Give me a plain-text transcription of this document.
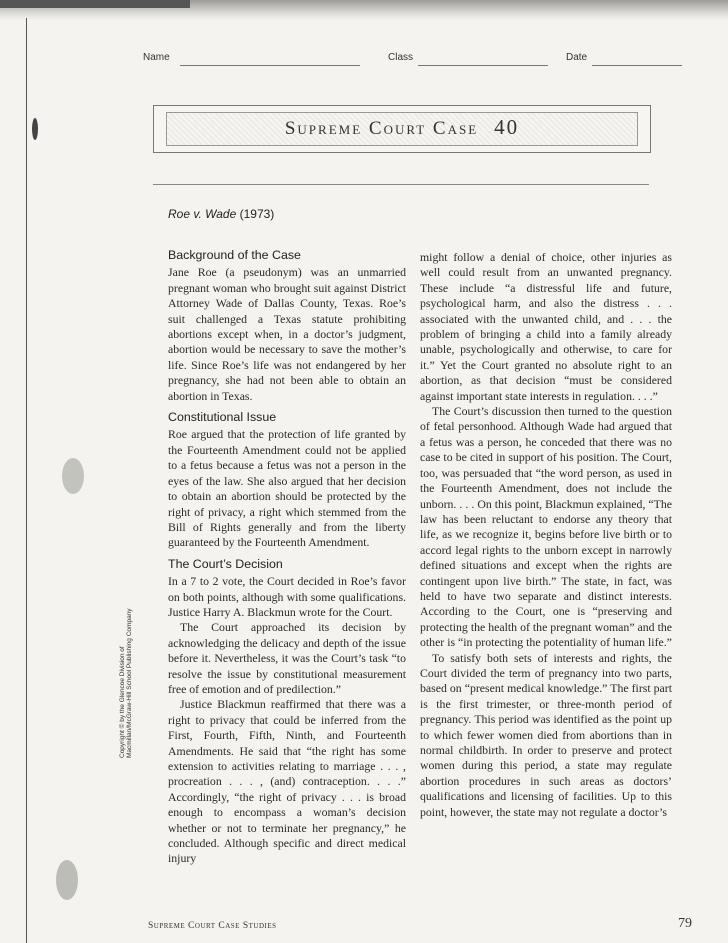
Name	Class	Date
Supreme Court Case 40
Roe v. Wade (1973)
Background of the Case

Jane Roe (a pseudonym) was an unmarried pregnant woman who brought suit against District Attorney Wade of Dallas County, Texas. Roe’s suit challenged a Texas statute prohibiting abortions except when, in a doctor’s judgment, abortion would be necessary to save the mother’s life. Since Roe’s life was not endangered by her pregnancy, she had not been able to obtain an abortion in Texas.

Constitutional Issue

Roe argued that the protection of life granted by the Fourteenth Amendment could not be applied to a fetus because a fetus was not a person in the eyes of the law. She also argued that her decision to obtain an abortion should be protected by the right of privacy, a right which stemmed from the Bill of Rights generally and from the liberty guaranteed by the Fourteenth Amendment.

The Court’s Decision

In a 7 to 2 vote, the Court decided in Roe’s favor on both points, although with some qualifications. Justice Harry A. Blackmun wrote for the Court.

The Court approached its decision by acknowledging the delicacy and depth of the issue before it. Nevertheless, it was the Court’s task “to resolve the issue by constitutional measurement free of emotion and of predilection.”

Justice Blackmun reaffirmed that there was a right to privacy that could be inferred from the First, Fourth, Fifth, Ninth, and Fourteenth Amendments. He said that “the right has some extension to activities relating to marriage . . . , procreation . . . , (and) contraception. . . .” Accordingly, “the right of privacy . . . is broad enough to encompass a woman’s decision whether or not to terminate her pregnancy,” he concluded. Although specific and direct medical injury

might follow a denial of choice, other injuries as well could result from an unwanted pregnancy. These include “a distressful life and future, psychological harm, and also the distress . . . associated with the unwanted child, and . . . the problem of bringing a child into a family already unable, psychologically and otherwise, to care for it.” Yet the Court granted no absolute right to an abortion, as that decision “must be considered against important state interests in regulation. . . .”

The Court’s discussion then turned to the question of fetal personhood. Although Wade had argued that a fetus was a person, he conceded that there was no case to be cited in support of his position. The Court, too, was persuaded that “the word person, as used in the Fourteenth Amendment, does not include the unborn. . . . On this point, Blackmun explained, “The law has been reluctant to endorse any theory that life, as we recognize it, begins before live birth or to accord legal rights to the unborn except in narrowly defined situations and except when the rights are contingent upon live birth.” The state, in fact, was held to have two separate and distinct interests. According to the Court, one is “preserving and protecting the health of the pregnant woman” and the other is “in protecting the potentiality of human life.”

To satisfy both sets of interests and rights, the Court divided the term of pregnancy into two parts, based on “present medical knowledge.” The first part is the first trimester, or three-month period of pregnancy. This period was identified as the point up to which fewer women died from abortions than in normal childbirth. In order to preserve and protect women during this period, a state may regulate abortion procedures in such areas as doctors’ qualifications and licensing of facilities. Up to this point, however, the state may not regulate a doctor’s

Copyright © by the Glencoe Division of Macmillan/McGraw-Hill School Publishing Company
Supreme Court Case Studies	79
